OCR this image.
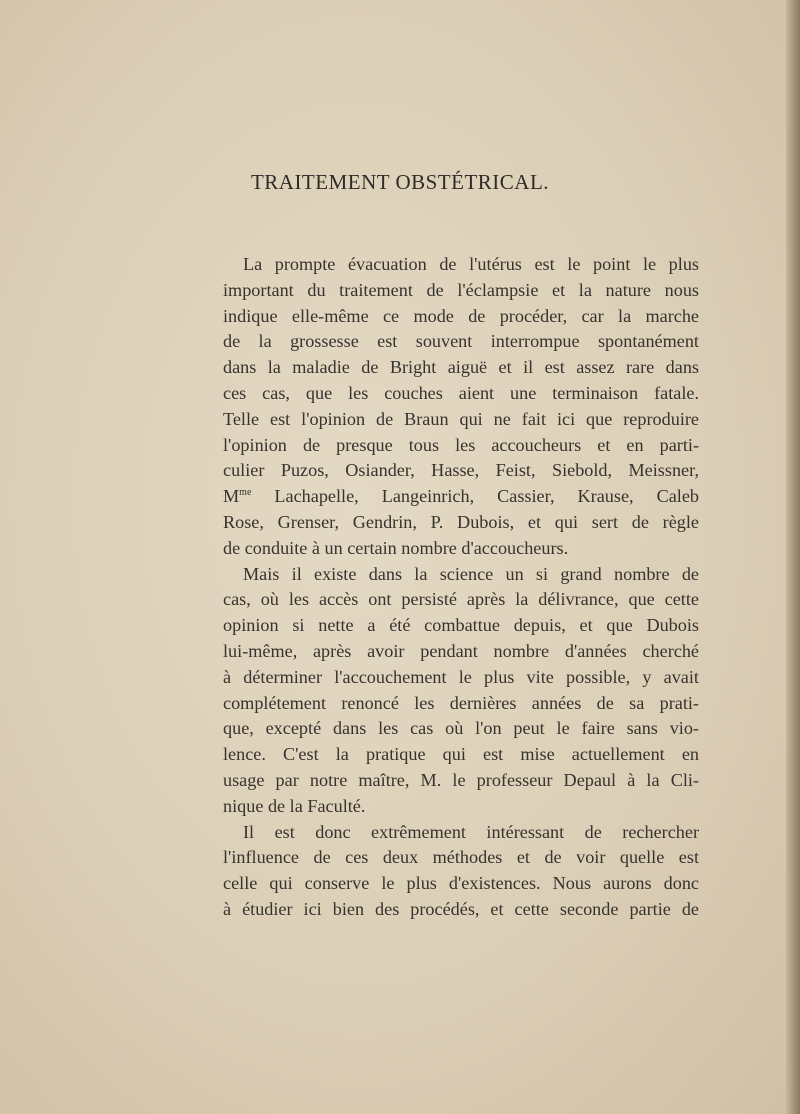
TRAITEMENT OBSTÉTRICAL.
La prompte évacuation de l'utérus est le point le plus
important du traitement de l'éclampsie et la nature nous
indique elle-même ce mode de procéder, car la marche
de la grossesse est souvent interrompue spontanément
dans la maladie de Bright aiguë et il est assez rare dans
ces cas, que les couches aient une terminaison fatale.
Telle est l'opinion de Braun qui ne fait ici que reproduire
l'opinion de presque tous les accoucheurs et en parti-
culier Puzos, Osiander, Hasse, Feist, Siebold, Meissner,
$M^{me}$ Lachapelle, Langeinrich, Cassier, Krause, Caleb
Rose, Grenser, Gendrin, P. Dubois, et qui sert de règle
de conduite à un certain nombre d'accoucheurs.
Mais il existe dans la science un si grand nombre de
cas, où les accès ont persisté après la délivrance, que cette
opinion si nette a été combattue depuis, et que Dubois
lui-même, après avoir pendant nombre d'années cherché
à déterminer l'accouchement le plus vite possible, y avait
complétement renoncé les dernières années de sa prati-
que, excepté dans les cas où l'on peut le faire sans vio-
lence. C'est la pratique qui est mise actuellement en
usage par notre maître, M. le professeur Depaul à la Cli-
nique de la Faculté.
Il est donc extrêmement intéressant de rechercher
l'influence de ces deux méthodes et de voir quelle est
celle qui conserve le plus d'existences. Nous aurons donc
à étudier ici bien des procédés, et cette seconde partie de
